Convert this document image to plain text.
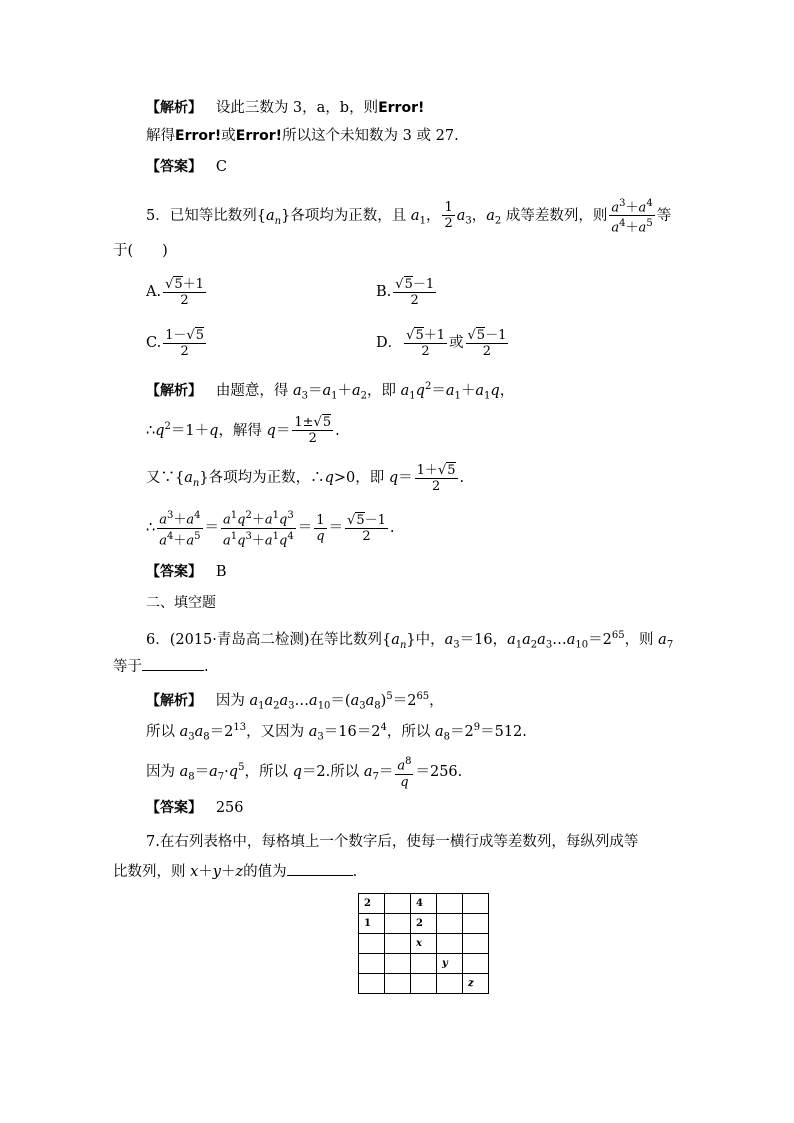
【解析】 设此三数为 3，a，b，则Error!
解得Error!或Error!所以这个未知数为 3 或 27.
【答案】 C
5．已知等比数列$\{a_n\}$各项均为正数，且 $a_1$， $\frac{1}{2} a_3$，$a_2$ 成等差数列，则 $\frac{a^3+a^4}{a^4+a^5}$ 等
于(　　)
A. $\frac{√5+1}{2}$	B. $\frac{√5-1}{2}$
C. $\frac{1-√5}{2}$	D． $\frac{√5+1}{2}$ 或 $\frac{√5-1}{2}$
【解析】 由题意，得 $a_3=a_1+a_2$，即 $a_1q^2=a_1+a_1q$，
$\therefore q^2=1+q$，解得 $q= \frac{1\pm√5}{2}$ .
又$\because\{a_n\}$各项均为正数，∴q>0，即 $q= \frac{1+√5}{2}$ .
∴ $\frac{a^3+a^4}{a^4+a^5} = \frac{a^1q^2+a^1q^3}{a^1q^3+a^1q^4} = \frac{1}{q} = \frac{√5-1}{2}$ .
【答案】 B
二、填空题
6．(2015·青岛高二检测)在等比数列$\{a_n\}$中，$a_3=16$，$a_1a_2a_3\dots a_{10}=2^{65}$，则 $a_7$
等于	.
【解析】 因为 $a_1a_2a_3\dots a_{10}=(a_3a_8)^5=2^{65}$，
所以 $a_3a_8=2^{13}$，又因为 $a_3=16=2^4$，所以 $a_8=2^9=512$.
因为 $a_8=a_7\cdot q^5$，所以 q＝2.所以 $a_7= \frac{a^8}{q} =256$.
【答案】 256
7.在右列表格中，每格填上一个数字后，使每一横行成等差数列，每纵列成等
比数列，则 x＋y＋z的值为	.
2		4		
1		2		
		x		
			y	
				z
